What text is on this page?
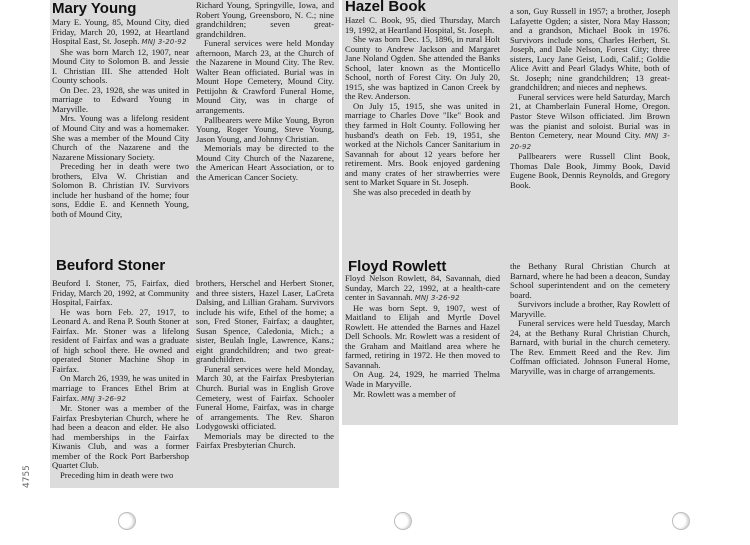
Mary Young

Mary E. Young, 85, Mound City, died Friday, March 20, 1992, at Heartland Hospital East, St. Joseph. MNJ 3-20-92

She was born March 12, 1907, near Mound City to Solomon B. and Jessie I. Christian III. She attended Holt County schools.

On Dec. 23, 1928, she was united in marriage to Edward Young in Maryville.

Mrs. Young was a lifelong resident of Mound City and was a homemaker. She was a member of the Mound City Church of the Nazarene and the Nazarene Missionary Society.

Preceding her in death were two brothers, Elva W. Christian and Solomon B. Christian IV. Survivors include her husband of the home; four sons, Eddie E. and Kenneth Young, both of Mound City,

Richard Young, Springville, Iowa, and Robert Young, Greensboro, N. C.; nine grandchildren; seven great-grandchildren.

Funeral services were held Monday afternoon, March 23, at the Church of the Nazarene in Mound City. The Rev. Walter Bean officiated. Burial was in Mount Hope Cemetery, Mound City. Pettijohn & Crawford Funeral Home, Mound City, was in charge of arrangements.

Pallbearers were Mike Young, Byron Young, Roger Young, Steve Young, Jason Young, and Johnny Christian.

Memorials may be directed to the Mound City Church of the Nazarene, the American Heart Association, or to the American Cancer Society.

Beuford Stoner

Beuford I. Stoner, 75, Fairfax, died Friday, March 20, 1992, at Community Hospital, Fairfax.

He was born Feb. 27, 1917, to Leonard A. and Rena P. South Stoner at Fairfax. Mr. Stoner was a lifelong resident of Fairfax and was a graduate of high school there. He owned and operated Stoner Machine Shop in Fairfax.

On March 26, 1939, he was united in marriage to Frances Ethel Brim at Fairfax. MNJ 3-26-92

Mr. Stoner was a member of the Fairfax Presbyterian Church, where he had been a deacon and elder. He also had memberships in the Fairfax Kiwanis Club, and was a former member of the Rock Port Barbershop Quartet Club.

Preceding him in death were two

brothers, Herschel and Herbert Stoner, and three sisters, Hazel Laser, LaCreta Dalsing, and Lillian Graham. Survivors include his wife, Ethel of the home; a son, Fred Stoner, Fairfax; a daughter, Susan Spence, Caledonia, Mich.; a sister, Beulah Ingle, Lawrence, Kans.; eight grandchildren; and two great-grandchildren.

Funeral services were held Monday, March 30, at the Fairfax Presbyterian Church. Burial was in English Grove Cemetery, west of Fairfax. Schooler Funeral Home, Fairfax, was in charge of arrangements. The Rev. Sharon Lodygowski officiated.

Memorials may be directed to the Fairfax Presbyterian Church.

Hazel Book

Hazel C. Book, 95, died Thursday, March 19, 1992, at Heartland Hospital, St. Joseph.

She was born Dec. 15, 1896, in rural Holt County to Andrew Jackson and Margaret Jane Noland Ogden. She attended the Banks School, later known as the Monticello School, north of Forest City. On July 20, 1915, she was baptized in Canon Creek by the Rev. Anderson.

On July 15, 1915, she was united in marriage to Charles Dove "Ike" Book and they farmed in Holt County. Following her husband's death on Feb. 19, 1951, she worked at the Nichols Cancer Sanitarium in Savannah for about 12 years before her retirement. Mrs. Book enjoyed gardening and many crates of her strawberries were sent to Market Square in St. Joseph.

She was also preceded in death by

a son, Guy Russell in 1957; a brother, Joseph Lafayette Ogden; a sister, Nora May Hasson; and a grandson, Michael Book in 1976. Survivors include sons, Charles Herbert, St. Joseph, and Dale Nelson, Forest City; three sisters, Lucy Jane Geist, Lodi, Calif.; Goldie Alice Avitt and Pearl Gladys White, both of St. Joseph; nine grandchildren; 13 great-grandchildren; and nieces and nephews.

Funeral services were held Saturday, March 21, at Chamberlain Funeral Home, Oregon. Pastor Steve Wilson officiated. Jim Brown was the pianist and soloist. Burial was in Benton Cemetery, near Mound City. MNJ 3-20-92

Pallbearers were Russell Clint Book, Thomas Dale Book, Jimmy Book, David Eugene Book, Dennis Reynolds, and Gregory Book.

Floyd Rowlett

Floyd Nelson Rowlett, 84, Savannah, died Sunday, March 22, 1992, at a health-care center in Savannah. MNJ 3-26-92

He was born Sept. 9, 1907, west of Maitland to Elijah and Myrtle Dovel Rowlett. He attended the Barnes and Hazel Dell Schools. Mr. Rowlett was a resident of the Graham and Maitland area where he farmed, retiring in 1972. He then moved to Savannah.

On Aug. 24, 1929, he married Thelma Wade in Maryville.

Mr. Rowlett was a member of

the Bethany Rural Christian Church at Barnard, where he had been a deacon, Sunday School superintendent and on the cemetery board.

Survivors include a brother, Ray Rowlett of Maryville.

Funeral services were held Tuesday, March 24, at the Bethany Rural Christian Church, Barnard, with burial in the church cemetery. The Rev. Emmett Reed and the Rev. Jim Coffman officiated. Johnson Funeral Home, Maryville, was in charge of arrangements.

4755
